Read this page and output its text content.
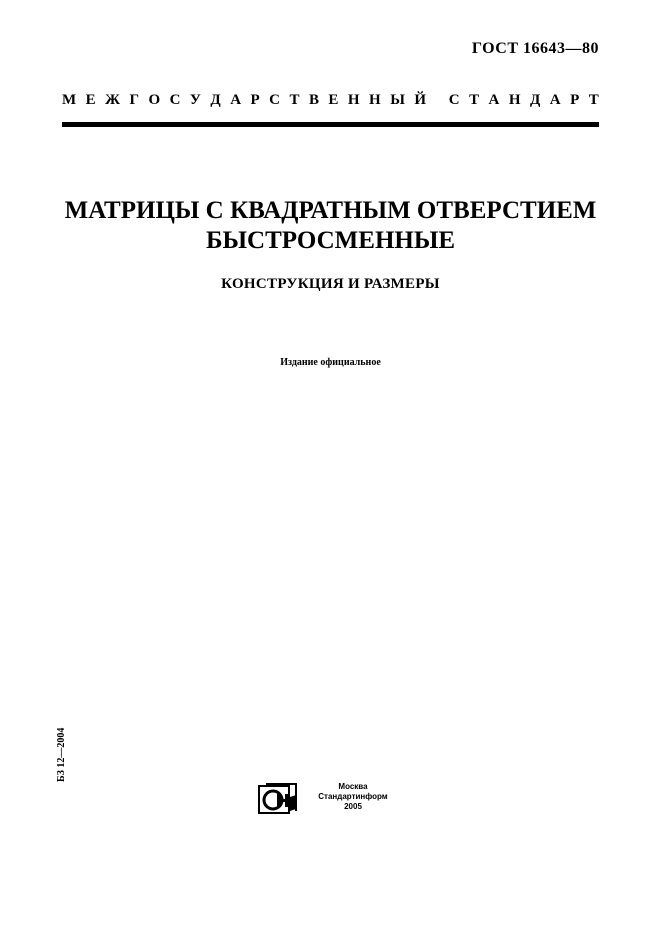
ГОСТ 16643—80
М Е Ж Г О С У Д А Р С Т В Е Н Н Ы Й
С Т А Н Д А Р Т
МАТРИЦЫ С КВАДРАТНЫМ ОТВЕРСТИЕМ
БЫСТРОСМЕННЫЕ
КОНСТРУКЦИЯ И РАЗМЕРЫ
Издание официальное
БЗ 12—2004
Москва
Стандартинформ
2005
